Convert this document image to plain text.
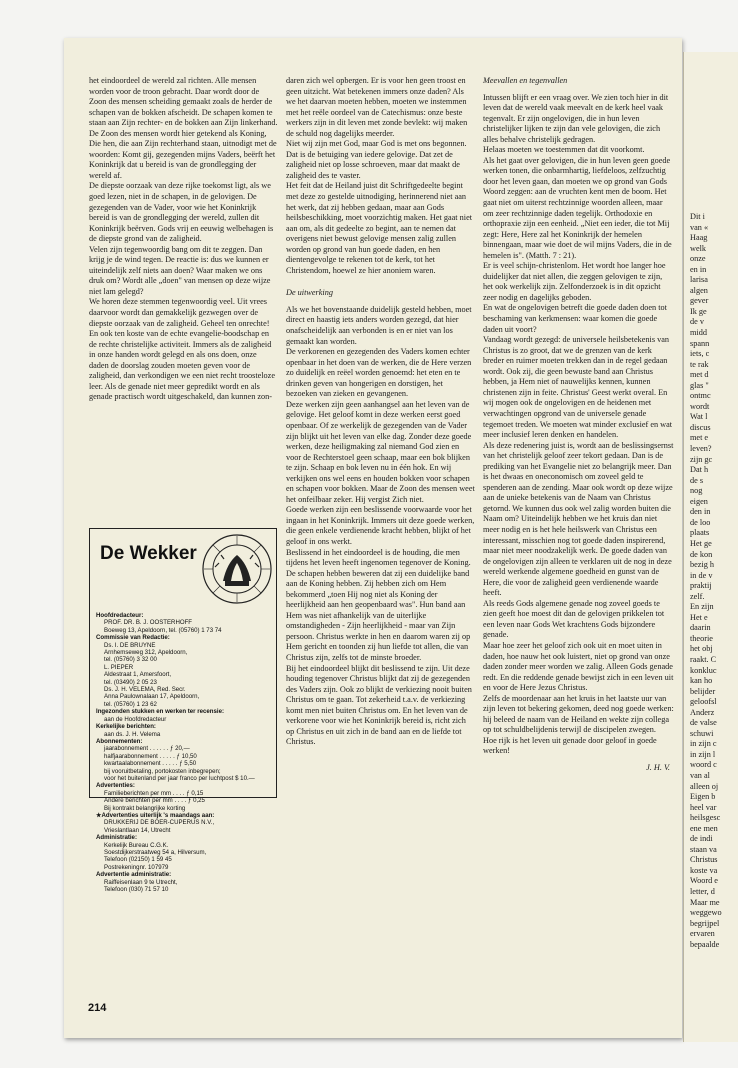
Dit i
van «
Haag
welk
onze
en in
larisa
algen
gever
Ik ge
de v
midd
spann
iets, c
te rak
met d
glas "
ontmc
wordt
Wat l
discus
met e
leven?
zijn gc
Dat h
de s
nog
eigen
den in
de loo
plaats
Het ge
de kon
bezig h
in de v
praktij
zelf.
En zijn
Het e
daarin
theorie
het obj
raakt. C
konkluc
kan ho
belijder
geloofsl
Anderz
de valse
schuwi
in zijn c
in zijn l
woord c
van al
alleen oj
Eigen b
heel var
heilsgesc
ene men
de indi
staan va
Christus
koste va
Woord e
letter, d
Maar me
weggewo
begrijpel
ervaren
bepaalde

het eindoordeel de wereld zal richten. Alle mensen worden voor de troon gebracht. Daar wordt door de Zoon des mensen scheiding gemaakt zoals de herder de schapen van de bokken afscheidt. De schapen komen te staan aan Zijn rechter- en de bokken aan Zijn linkerhand. De Zoon des mensen wordt hier getekend als Koning, Die hen, die aan Zijn rechterhand staan, uitnodigt met de woorden: Komt gij, gezegenden mijns Vaders, beërft het Koninkrijk dat u bereid is van de grondlegging der wereld af.

De diepste oorzaak van deze rijke toekomst ligt, als we goed lezen, niet in de schapen, in de gelovigen. De gezegenden van de Vader, voor wie het Koninkrijk bereid is van de grondlegging der wereld, zullen dit Koninkrijk beërven. Gods vrij en eeuwig welbehagen is de diepste grond van de zaligheid.

Velen zijn tegenwoordig bang om dit te zeggen. Dan krijg je de wind tegen. De reactie is: dus we kunnen er uiteindelijk zelf niets aan doen? Waar maken we ons druk om? Wordt alle „doen" van mensen op deze wijze niet lam gelegd?

We horen deze stemmen tegenwoordig veel. Uit vrees daarvoor wordt dan gemakkelijk gezwegen over de diepste oorzaak van de zaligheid. Geheel ten onrechte! En ook ten koste van de echte evangelie-boodschap en de rechte christelijke activiteit. Immers als de zaligheid in onze handen wordt gelegd en als ons doen, onze daden de doorslag zouden moeten geven voor de zaligheid, dan verkondigen we een niet recht troosteloze leer. Als de genade niet meer gepredikt wordt en als genade practisch wordt uitgeschakeld, dan kunnen zon-

daren zich wel opbergen. Er is voor hen geen troost en geen uitzicht. Wat betekenen immers onze daden? Als we het daarvan moeten hebben, moeten we instemmen met het reële oordeel van de Catechismus: onze beste werkers zijn in dit leven met zonde bevlekt: wij maken de schuld nog dagelijks meerder.

Niet wij zijn met God, maar God is met ons begonnen. Dat is de betuiging van iedere gelovige. Dat zet de zaligheid niet op losse schroeven, maar dat maakt de zaligheid des te vaster.

Het feit dat de Heiland juist dit Schriftgedeelte begint met deze zo gestelde uitnodiging, herinnerend niet aan het werk, dat zij hebben gedaan, maar aan Gods heilsbeschikking, moet voorzichtig maken. Het gaat niet aan om, als dit gedeelte zo begint, aan te nemen dat overigens niet bewust gelovige mensen zalig zullen worden op grond van hun goede daden, en hen dientengevolge te rekenen tot de kerk, tot het Christendom, hoewel ze hier anoniem waren.

De uitwerking

Als we het bovenstaande duidelijk gesteld hebben, moet direct en haastig iets anders worden gezegd, dat hier onafscheidelijk aan verbonden is en er niet van los gemaakt kan worden.

De verkorenen en gezegenden des Vaders komen echter openbaar in het doen van de werken, die de Here verzen zo duidelijk en reëel worden genoemd: het eten en te drinken geven van hongerigen en dorstigen, het bezoeken van zieken en gevangenen.

Deze werken zijn geen aanhangsel aan het leven van de gelovige. Het geloof komt in deze werken eerst goed openbaar. Of ze werkelijk de gezegenden van de Vader zijn blijkt uit het leven van elke dag. Zonder deze goede werken, deze heiligmaking zal niemand God zien en voor de Rechterstoel geen schaap, maar een bok blijken te zijn. Schaap en bok leven nu in één hok. En wij verkijken ons wel eens en houden bokken voor schapen en schapen voor bokken. Maar de Zoon des mensen weet het onfeilbaar zeker. Hij vergist Zich niet.

Goede werken zijn een beslissende voorwaarde voor het ingaan in het Koninkrijk. Immers uit deze goede werken, die geen enkele verdienende kracht hebben, blijkt of het geloof in ons werkt.

Beslissend in het eindoordeel is de houding, die men tijdens het leven heeft ingenomen tegenover de Koning. De schapen hebben beweren dat zij een duidelijke band aan de Koning hebben. Zij hebben zich om Hem bekommerd „toen Hij nog niet als Koning der heerlijkheid aan hen geopenbaard was". Hun band aan Hem was niet afhankelijk van de uiterlijke omstandigheden - Zijn heerlijkheid - maar van Zijn persoon. Christus werkte in hen en daarom waren zij op Hem gericht en toonden zij hun liefde tot allen, die van Christus zijn, zelfs tot de minste broeder.

Bij het eindoordeel blijkt dit beslissend te zijn. Uit deze houding tegenover Christus blijkt dat zij de gezegenden des Vaders zijn. Ook zo blijkt de verkiezing nooit buiten Christus om te gaan. Tot zekerheid t.a.v. de verkiezing komt men niet buiten Christus om. En het leven van de verkorene voor wie het Koninkrijk bereid is, richt zich op Christus en uit zich in de band aan en de liefde tot Christus.

Meevallen en tegenvallen

Intussen blijft er een vraag over. We zien toch hier in dit leven dat de wereld vaak meevalt en de kerk heel vaak tegenvalt. Er zijn ongelovigen, die in hun leven christelijker lijken te zijn dan vele gelovigen, die zich alles behalve christelijk gedragen.

Helaas moeten we toestemmen dat dit voorkomt.

Als het gaat over gelovigen, die in hun leven geen goede werken tonen, die onbarmhartig, liefdeloos, zelfzuchtig door het leven gaan, dan moeten we op grond van Gods Woord zeggen: aan de vruchten kent men de boom. Het gaat niet om uiterst rechtzinnige woorden alleen, maar om zeer rechtzinnige daden tegelijk. Orthodoxie en orthopraxie zijn een eenheid. „Niet een ieder, die tot Mij zegt: Here, Here zal het Koninkrijk der hemelen binnengaan, maar wie doet de wil mijns Vaders, die in de hemelen is". (Matth. 7 : 21).

Er is veel schijn-christenlom. Het wordt hoe langer hoe duidelijker dat niet allen, die zeggen gelovigen te zijn, het ook werkelijk zijn. Zelfonderzoek is in dit opzicht zeer nodig en dagelijks geboden.

En wat de ongelovigen betreft die goede daden doen tot beschaming van kerkmensen: waar komen die goede daden uit voort?

Vandaag wordt gezegd: de universele heilsbetekenis van Christus is zo groot, dat we de grenzen van de kerk breder en ruimer moeten trekken dan in de regel gedaan wordt. Ook zij, die geen bewuste band aan Christus hebben, ja Hem niet of nauwelijks kennen, kunnen christenen zijn in feite. Christus' Geest werkt overal. En wij mogen ook de ongelovigen en de heidenen met verwachtingen opgrond van de universele genade tegemoet treden. We moeten wat minder exclusief en wat meer inclusief leren denken en handelen.

Als deze redenering juist is, wordt aan de beslissingsernst van het christelijk geloof zeer tekort gedaan. Dan is de prediking van het Evangelie niet zo belangrijk meer. Dan is het dwaas en oneconomisch om zoveel geld te spenderen aan de zending. Maar ook wordt op deze wijze aan de unieke betekenis van de Naam van Christus getornd. We kunnen dus ook wel zalig worden buiten die Naam om? Uiteindelijk hebben we het kruis dan niet meer nodig en is het hele heilswerk van Christus een interessant, misschien nog tot goede daden inspirerend, maar niet meer noodzakelijk werk. De goede daden van de ongelovigen zijn alleen te verklaren uit de nog in deze wereld werkende algemene goedheid en gunst van de Here, die voor de zaligheid geen verdienende waarde heeft.

Als reeds Gods algemene genade nog zoveel goeds te zien geeft hoe moest dit dan de gelovigen prikkelen tot een leven naar Gods Wet krachtens Gods bijzondere genade.

Maar hoe zeer het geloof zich ook uit en moet uiten in daden, hoe nauw het ook luistert, niet op grond van onze daden zonder meer worden we zalig. Alleen Gods genade redt. En die reddende genade bewijst zich in een leven uit en voor de Here Jezus Christus.

Zelfs de moordenaar aan het kruis in het laatste uur van zijn leven tot bekering gekomen, deed nog goede werken: hij beleed de naam van de Heiland en wekte zijn collega op tot schuldbelijdenis terwijl de discipelen zwegen.

Hoe rijk is het leven uit genade door geloof in goede werken!

J. H. V.

De Wekker
Hoofdredacteur:
PROF. DR. B. J. OOSTERHOFF
Boeweg 13, Apeldoorn, tel. (05760) 1 73 74
Commissie van Redactie:
Ds. I. DE BRUYNE
Arnhemseweg 312, Apeldoorn,
tel. (05760) 3 32 00
L. PIEPER
Aldestraat 1, Amersfoort,
tel. (03490) 2 05 23
Ds. J. H. VELEMA, Red. Secr.
Anna Paulownalaan 17, Apeldoorn,
tel. (05760) 1 23 62
Ingezonden stukken en werken ter recensie:
aan de Hoofdredacteur
Kerkelijke berichten:
aan ds. J. H. Velema
Abonnementen:
jaarabonnement . . . . . . ƒ 20,—
halfjaarabonnement . . . . . ƒ 10,50
kwartaalabonnement . . . . . ƒ 5,50
bij vooruitbetaling, portokosten inbegrepen;
voor het buitenland per jaar franco per luchtpost $ 10.—
Advertenties:
Familieberichten per mm . . . . ƒ 0,15
Andere berichten per mm . . . . ƒ 0,25
Bij kontrakt belangrijke korting
★Advertenties uiterlijk 's maandags aan:
DRUKKERIJ DE BOER-CUPERUS N.V.,
Vrieslantlaan 14, Utrecht
Administratie:
Kerkelijk Bureau C.G.K.
Soestdijkerstraatweg 54 a, Hilversum,
Telefoon (02150) 1 59 45
Postrekeningnr. 107979
Advertentie administratie:
Raiffeisenlaan 9 te Utrecht,
Telefoon (030) 71 57 10
214
